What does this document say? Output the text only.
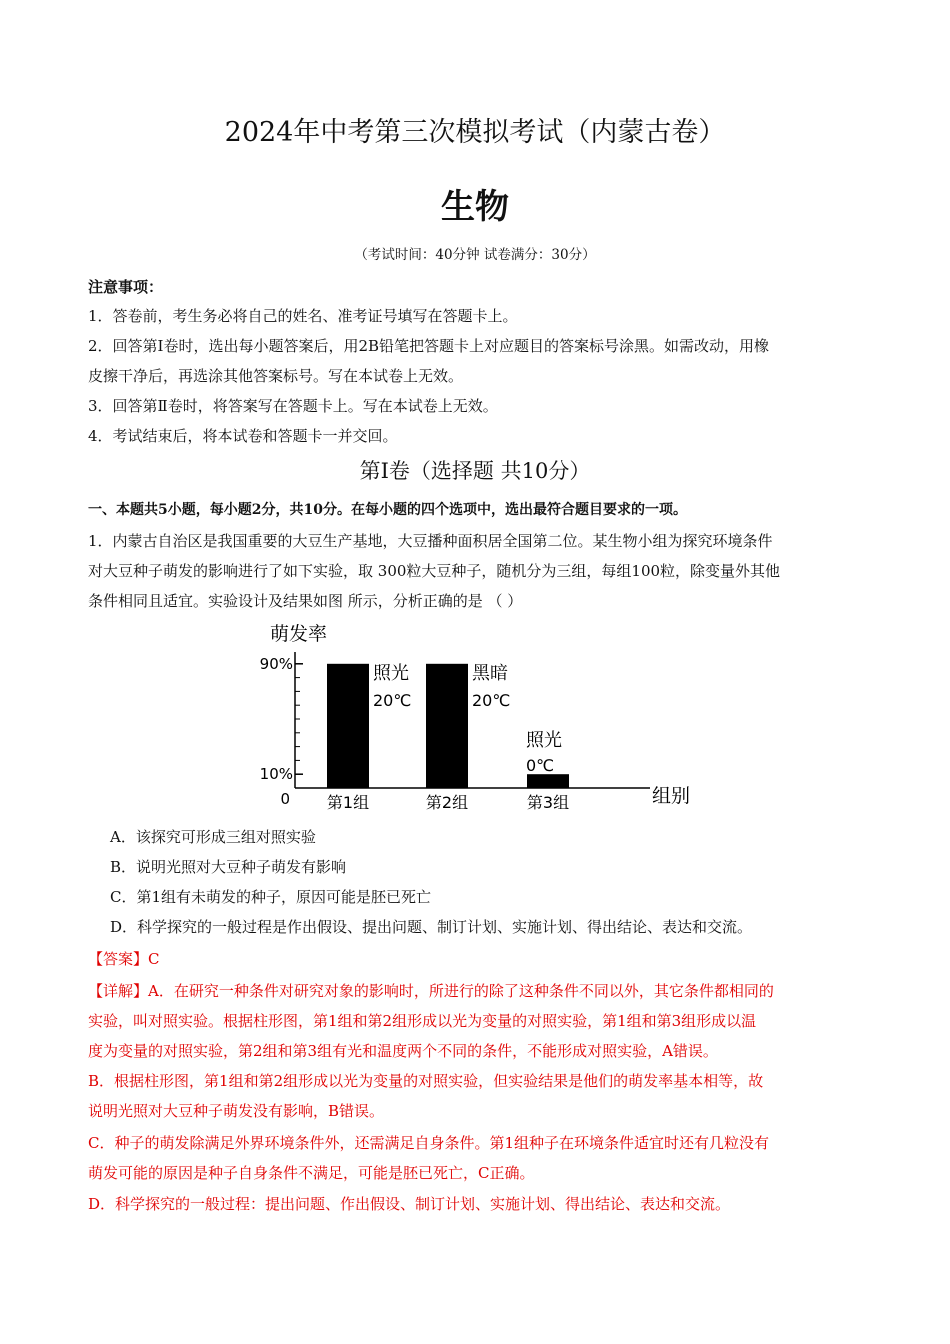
2024年中考第三次模拟考试（内蒙古卷）
生物
（考试时间：40分钟 试卷满分：30分）
注意事项：
1．答卷前，考生务必将自己的姓名、准考证号填写在答题卡上。
2．回答第Ⅰ卷时，选出每小题答案后，用2B铅笔把答题卡上对应题目的答案标号涂黑。如需改动，用橡
皮擦干净后，再选涂其他答案标号。写在本试卷上无效。
3．回答第Ⅱ卷时，将答案写在答题卡上。写在本试卷上无效。
4．考试结束后，将本试卷和答题卡一并交回。
第Ⅰ卷（选择题 共10分）
一、本题共5小题，每小题2分，共10分。在每小题的四个选项中，选出最符合题目要求的一项。
1．内蒙古自治区是我国重要的大豆生产基地，大豆播种面积居全国第二位。某生物小组为探究环境条件
对大豆种子萌发的影响进行了如下实验，取 300粒大豆种子，随机分为三组，每组100粒，除变量外其他
条件相同且适宜。实验设计及结果如图 所示，分析正确的是 （ ）
萌发率
90%
10%
0 第1组	第2组	第3组
照光
20℃
黑暗
20℃
照光
0℃
组别
A．该探究可形成三组对照实验
B．说明光照对大豆种子萌发有影响
C．第1组有未萌发的种子，原因可能是胚已死亡
D．科学探究的一般过程是作出假设、提出问题、制订计划、实施计划、得出结论、表达和交流。
【答案】C
【详解】A．在研究一种条件对研究对象的影响时，所进行的除了这种条件不同以外，其它条件都相同的
实验，叫对照实验。根据柱形图，第1组和第2组形成以光为变量的对照实验，第1组和第3组形成以温
度为变量的对照实验，第2组和第3组有光和温度两个不同的条件，不能形成对照实验，A错误。
B．根据柱形图，第1组和第2组形成以光为变量的对照实验，但实验结果是他们的萌发率基本相等，故
说明光照对大豆种子萌发没有影响，B错误。
C．种子的萌发除满足外界环境条件外，还需满足自身条件。第1组种子在环境条件适宜时还有几粒没有
萌发可能的原因是种子自身条件不满足，可能是胚已死亡，C正确。
D．科学探究的一般过程：提出问题、作出假设、制订计划、实施计划、得出结论、表达和交流。
